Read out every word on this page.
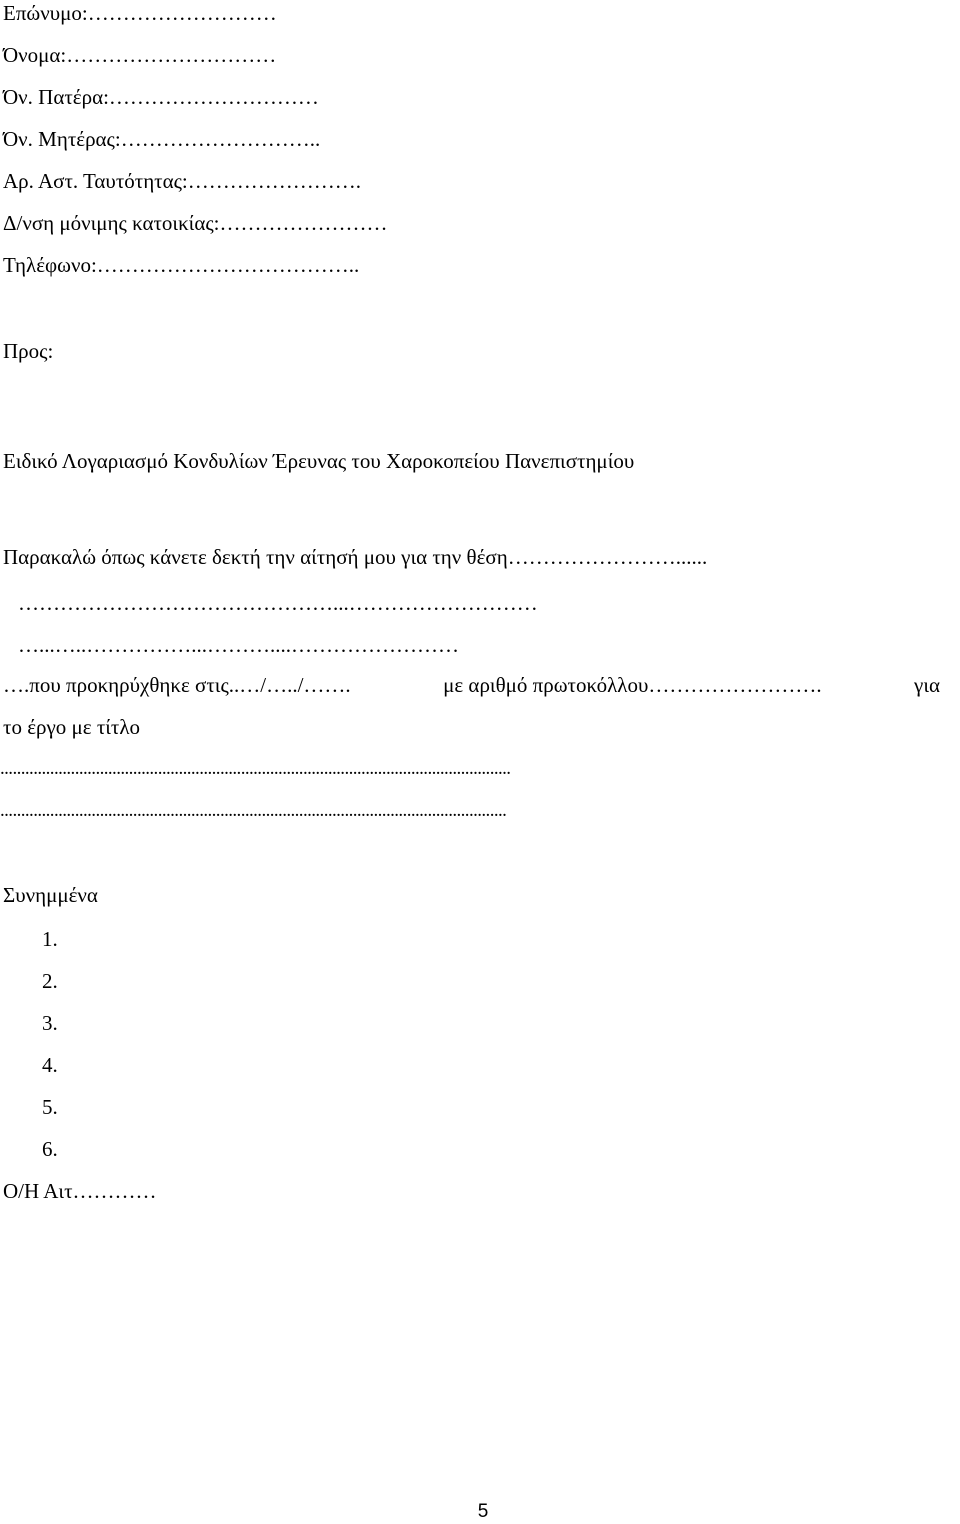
Επώνυμο:………………………
Όνομα:…………………………
Όν. Πατέρα:…………………………
Όν. Μητέρας:………………………..
Αρ. Αστ. Ταυτότητας:…………………….
Δ/νση μόνιμης κατοικίας:……………………
Τηλέφωνο:………………………………..
Προς:
Ειδικό Λογαριασμό Κονδυλίων Έρευνας του Χαροκοπείου Πανεπιστημίου
Παρακαλώ όπως κάνετε δεκτή την αίτησή μου για την θέση……………………......
………………………………………...………………………
…...…..……………...………....……………………
….που προκηρύχθηκε στις..…/…../…….	με αριθμό πρωτοκόλλου…………………….	για
το έργο με τίτλο
...........................................................................................................................
..........................................................................................................................
Συνημμένα
1.
2.
3.
4.
5.
6.
Ο/Η Αιτ…………
5
